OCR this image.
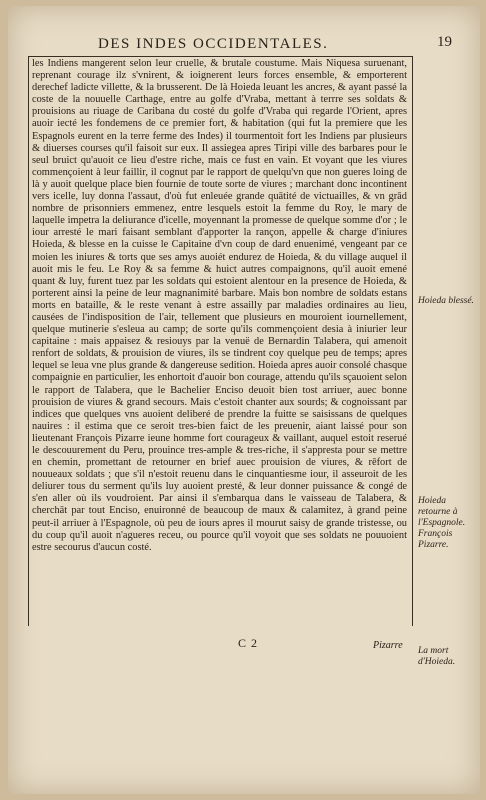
DES INDES OCCIDENTALES.	19

les Indiens mangerent selon leur cruelle, & brutale coustume. Mais Niquesa suruenant, reprenant courage ilz s'vnirent, & ioignerent leurs forces ensemble, & emporterent derechef ladicte villette, & la brusserent. De là Hoieda leuant les ancres, & ayant passé la coste de la nouuelle Carthage, entre au golfe d'Vraba, mettant à terrre ses soldats & prouisions au riuage de Caribana du costé du golfe d'Vraba qui regarde l'Orient, apres auoir iecté les fondemens de ce premier fort, & habitation (qui fut la premiere que les Espagnols eurent en la terre ferme des Indes) il tourmentoit fort les Indiens par plusieurs & diuerses courses qu'il faisoit sur eux. Il assiegea apres Tiripi ville des barbares pour le seul bruict qu'auoit ce lieu d'estre riche, mais ce fust en vain. Et voyant que les viures commençoient à leur faillir, il cognut par le rapport de quelqu'vn que non gueres loing de là y auoit quelque place bien fournie de toute sorte de viures ; marchant donc incontinent vers icelle, luy donna l'assaut, d'où fut enleuée grande quātité de victuailles, & vn grād nombre de prisonniers emmenez, entre lesquels estoit la femme du Roy, le mary de laquelle impetra la deliurance d'icelle, moyennant la promesse de quelque somme d'or ; le iour arresté le mari faisant semblant d'apporter la rançon, appelle & charge d'iniures Hoieda, & blesse en la cuisse le Capitaine d'vn coup de dard enuenimé, vengeant par ce moien les iniures & torts que ses amys auoiét endurez de Hoieda, & du village auquel il auoit mis le feu. Le Roy & sa femme & huict autres compaignons, qu'il auoit emené quant & luy, furent tuez par les soldats qui estoient alentour en la presence de Hoieda, & porterent ainsi la peine de leur magnanimité barbare. Mais bon nombre de soldats estans morts en bataille, & le reste venant à estre assailly par maladies ordinaires au lieu, causées de l'indisposition de l'air, tellement que plusieurs en mouroient iournellement, quelque mutinerie s'esleua au camp; de sorte qu'ils commençoient desia à iniurier leur capitaine : mais appaisez & resiouys par la venuë de Bernardin Talabera, qui amenoit renfort de soldats, & prouision de viures, ils se tindrent coy quelque peu de temps; apres lequel se leua vne plus grande & dangereuse sedition. Hoieda apres auoir consolé chasque compaignie en particulier, les enhortoit d'auoir bon courage, attendu qu'ils sçauoient selon le rapport de Talabera, que le Bachelier Enciso deuoit bien tost arriuer, auec bonne prouision de viures & grand secours. Mais c'estoit chanter aux sourds; & cognoissant par indices que quelques vns auoient deliberé de prendre la fuitte se saisissans de quelques nauires : il estima que ce seroit tres-bien faict de les preuenir, aiant laissé pour son lieutenant François Pizarre ieune homme fort courageux & vaillant, auquel estoit reserué le descouurement du Peru, prouince tres-ample & tres-riche, il s'appresta pour se mettre en chemin, promettant de retourner en brief auec prouision de viures, & rēfort de nouueaux soldats ; que s'il n'estoit reuenu dans le cinquantiesme iour, il asseuroit de les deliurer tous du serment qu'ils luy auoient presté, & leur donner puissance & congé de s'en aller où ils voudroient. Par ainsi il s'embarqua dans le vaisseau de Talabera, & cherchāt par tout Enciso, enuironné de beaucoup de maux & calamitez, à grand peine peut-il arriuer à l'Espagnole, où peu de iours apres il mourut saisy de grande tristesse, ou du coup qu'il auoit n'agueres receu, ou pource qu'il voyoit que ses soldats ne pouuoient estre secourus d'aucun costé.

Hoieda blessé.
Hoieda retourne à l'Espagnole. François Pizarre.
La mort d'Hoieda.
C 2	Pizarre
